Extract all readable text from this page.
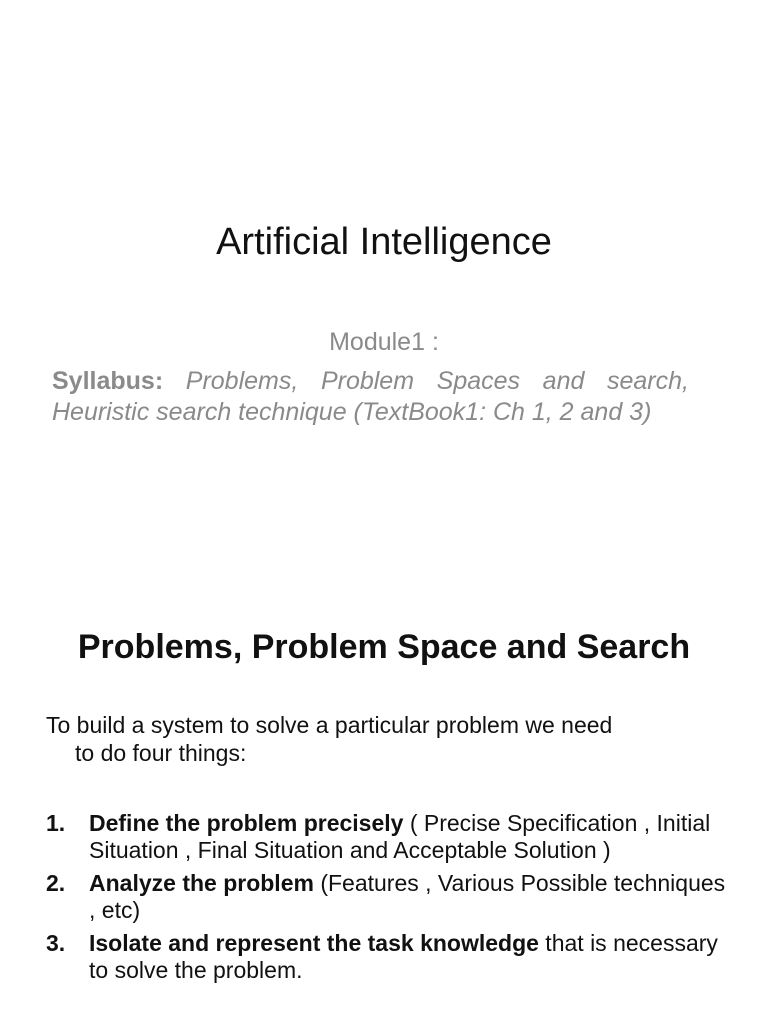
Artificial Intelligence
Module1 :
Syllabus: Problems, Problem Spaces and search, Heuristic search technique (TextBook1: Ch 1, 2 and 3)
Problems, Problem Space and Search
To build a system to solve a particular problem we need
to do four things:
1. Define the problem precisely ( Precise Specification , Initial Situation , Final Situation and Acceptable Solution )
2. Analyze the problem (Features , Various Possible techniques , etc)
3. Isolate and represent the task knowledge that is necessary to solve the problem.
